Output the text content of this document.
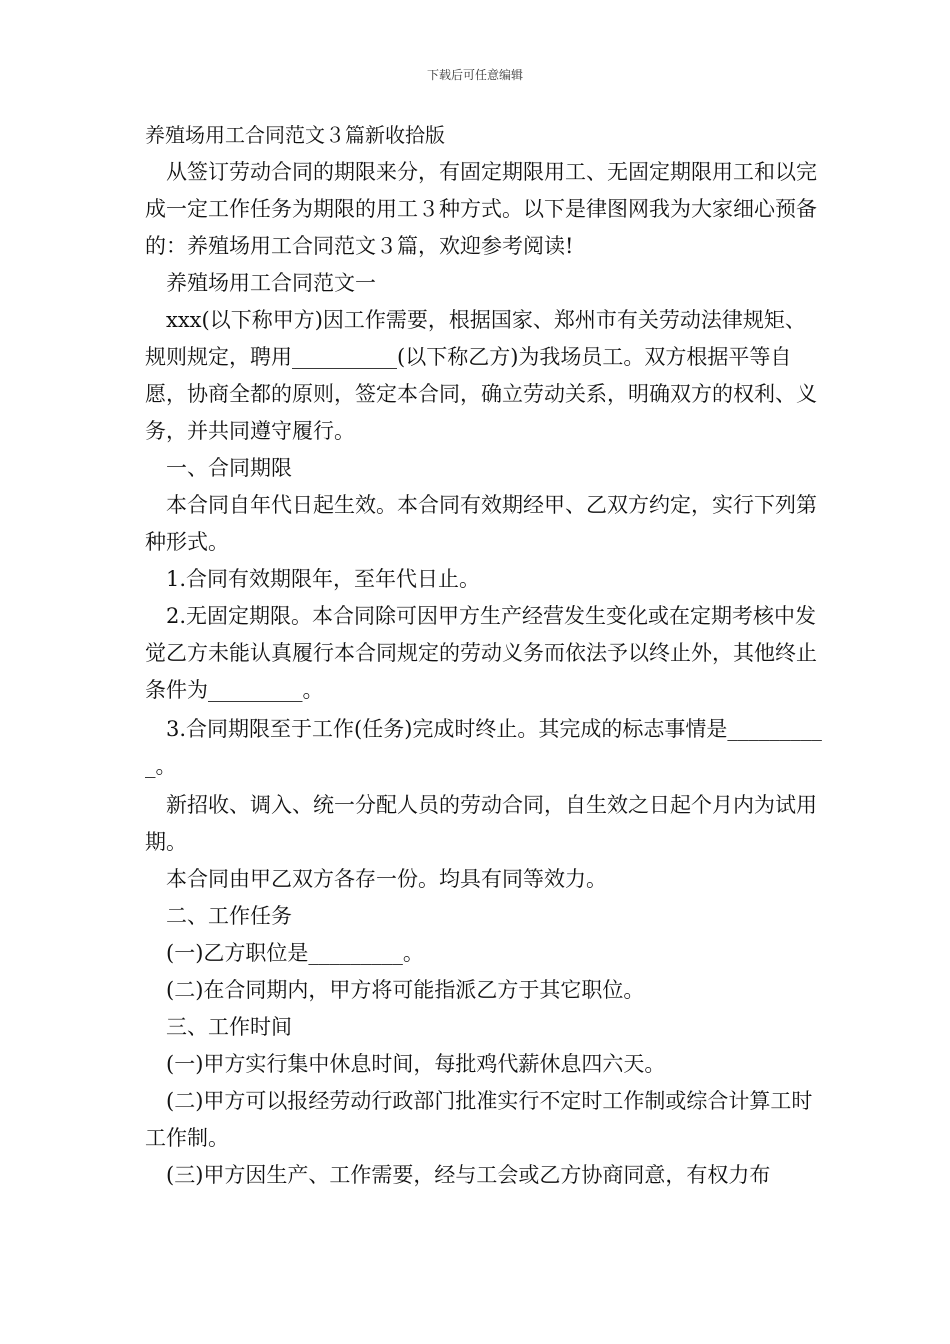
下载后可任意编辑
养殖场用工合同范文３篇新收拾版

从签订劳动合同的期限来分，有固定期限用工、无固定期限用工和以完成一定工作任务为期限的用工３种方式。以下是律图网我为大家细心预备的：养殖场用工合同范文３篇，欢迎参考阅读!

养殖场用工合同范文一

xxx(以下称甲方)因工作需要，根据国家、郑州市有关劳动法律规矩、规则规定，聘用__________(以下称乙方)为我场员工。双方根据平等自愿，协商全都的原则，签定本合同，确立劳动关系，明确双方的权利、义务，并共同遵守履行。

一、合同期限

本合同自年代日起生效。本合同有效期经甲、乙双方约定，实行下列第种形式。

1.合同有效期限年，至年代日止。

2.无固定期限。本合同除可因甲方生产经营发生变化或在定期考核中发觉乙方未能认真履行本合同规定的劳动义务而依法予以终止外，其他终止条件为_________。

3.合同期限至于工作(任务)完成时终止。其完成的标志事情是__________。

新招收、调入、统一分配人员的劳动合同，自生效之日起个月内为试用期。

本合同由甲乙双方各存一份。均具有同等效力。

二、工作任务

(一)乙方职位是_________。

(二)在合同期内，甲方将可能指派乙方于其它职位。

三、工作时间

(一)甲方实行集中休息时间，每批鸡代薪休息四六天。

(二)甲方可以报经劳动行政部门批准实行不定时工作制或综合计算工时工作制。

(三)甲方因生产、工作需要，经与工会或乙方协商同意，有权力布
